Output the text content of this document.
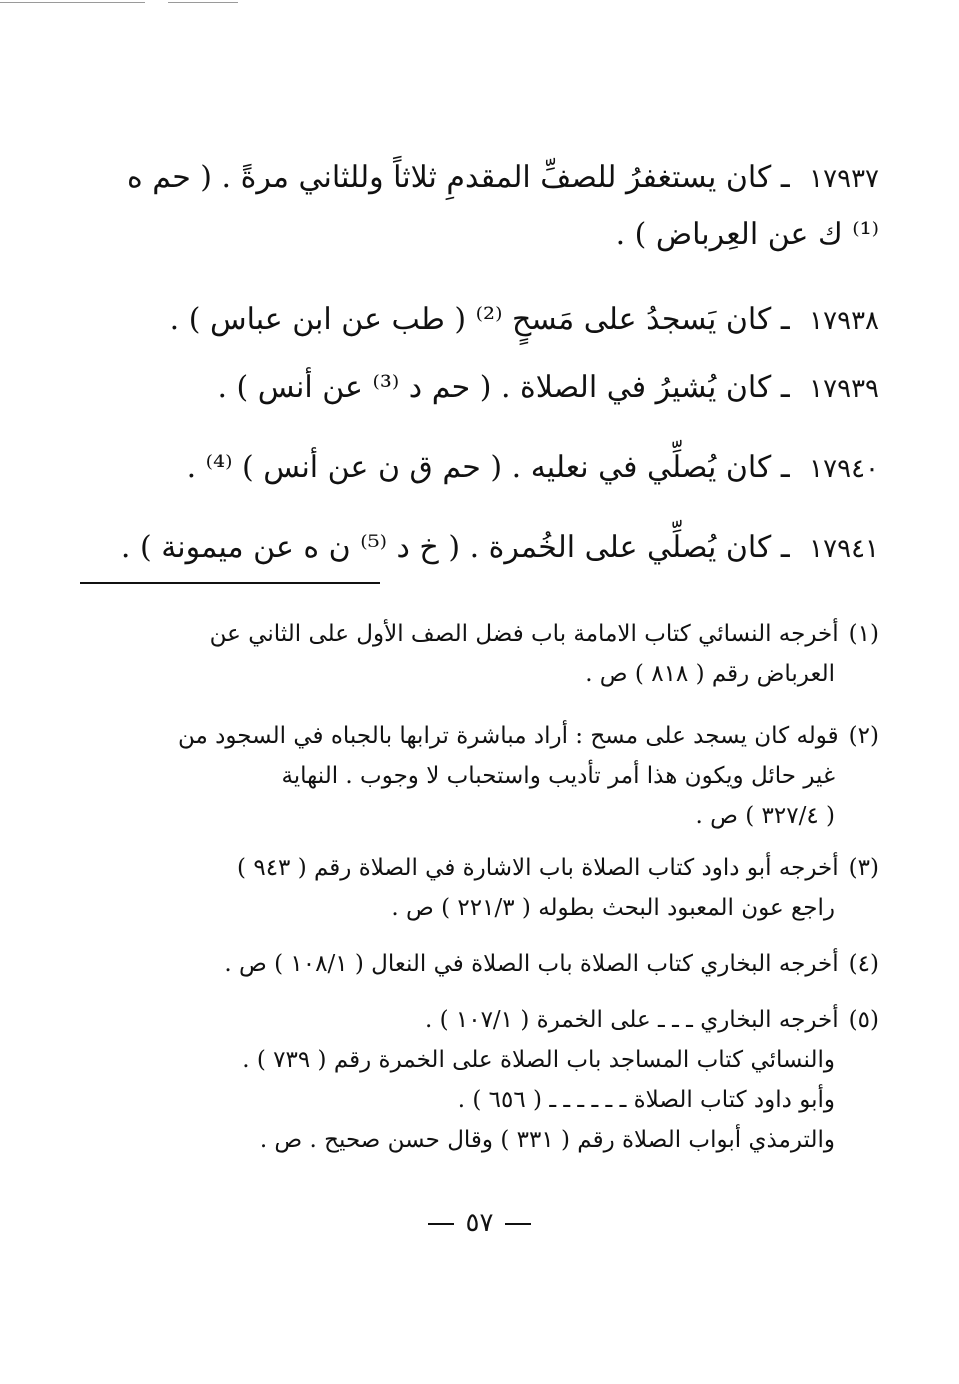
١٧٩٣٧ ـ كان يستغفرُ للصفِّ المقدمِ ثلاثاً وللثاني مرةً . ( حم ه ⁽¹⁾ ك عن العِرباض ) .
١٧٩٣٨ ـ كان يَسجدُ على مَسحٍ ⁽²⁾ ( طب عن ابن عباس ) .
١٧٩٣٩ ـ كان يُشيرُ في الصلاة . ( حم د ⁽³⁾ عن أنس ) .
١٧٩٤٠ ـ كان يُصلِّي في نعليه . ( حم ق ن عن أنس ) ⁽⁴⁾ .
١٧٩٤١ ـ كان يُصلِّي على الخُمرة . ( خ د ⁽⁵⁾ ن ه عن ميمونة ) .
(١)أخرجه النسائي كتاب الامامة باب فضل الصف الأول على الثاني عن
العرباض رقم ( ٨١٨ ) ص .
(٢)قوله كان يسجد على مسح : أراد مباشرة ترابها بالجباه في السجود من
غير حائل ويكون هذا أمر تأديب واستحباب لا وجوب . النهاية
( ٣٢٧/٤ ) ص .
(٣)أخرجه أبو داود كتاب الصلاة باب الاشارة في الصلاة رقم ( ٩٤٣ )
راجع عون المعبود البحث بطوله ( ٢٢١/٣ ) ص .
(٤)أخرجه البخاري كتاب الصلاة باب الصلاة في النعال ( ١٠٨/١ ) ص .
(٥)أخرجه البخاري ـ ـ ـ على الخمرة ( ١٠٧/١ ) .
والنسائي كتاب المساجد باب الصلاة على الخمرة رقم ( ٧٣٩ ) .
وأبو داود كتاب الصلاة ـ ـ ـ ـ ـ ـ ( ٦٥٦ ) .
والترمذي أبواب الصلاة رقم ( ٣٣١ ) وقال حسن صحيح . ص .
٥٧
